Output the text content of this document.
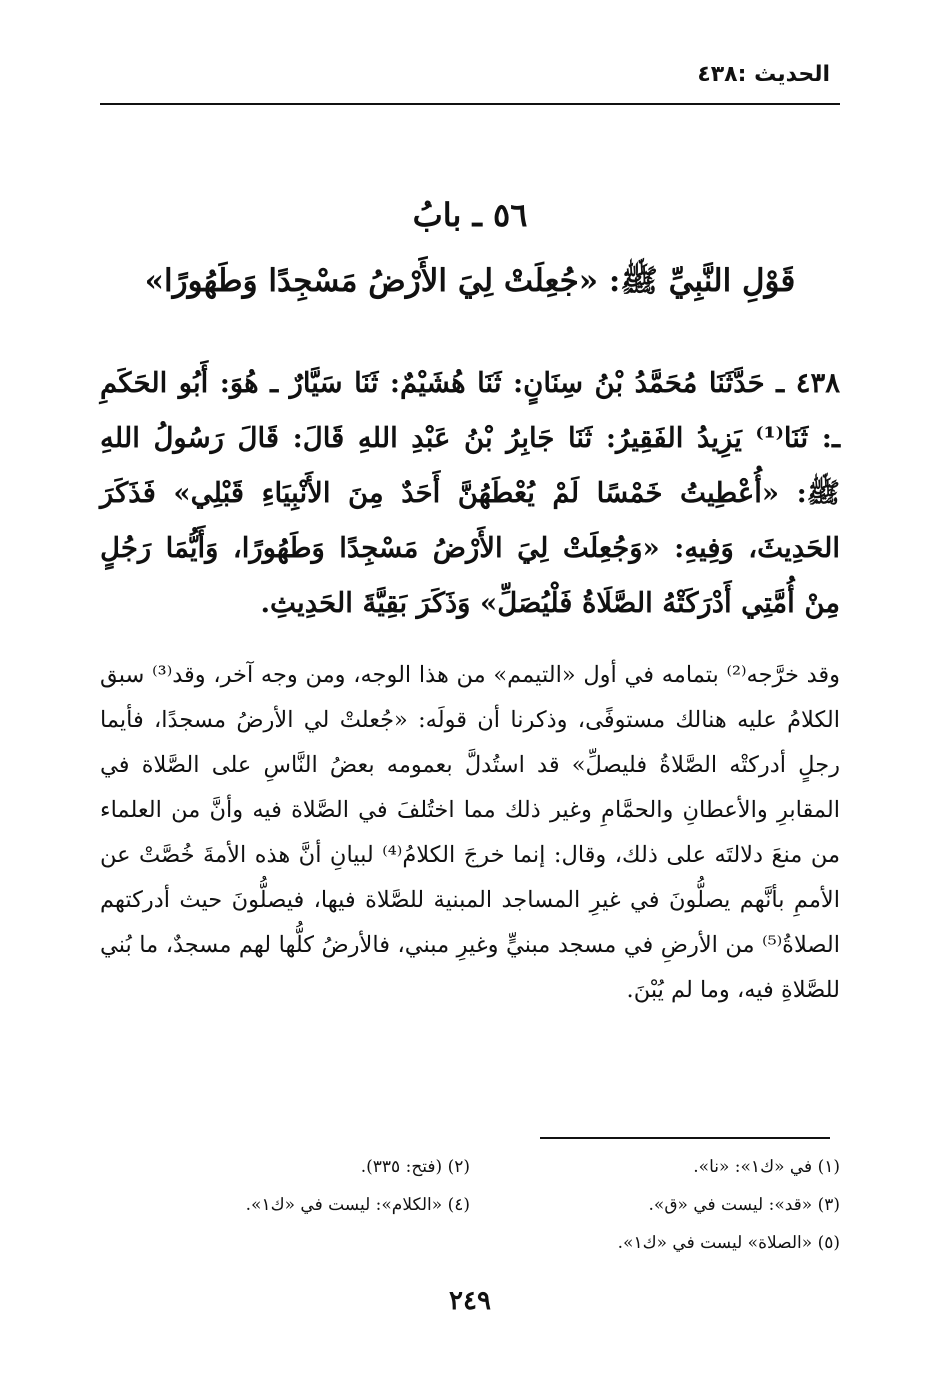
الحديث :٤٣٨
٥٦ ـ بابُ
قَوْلِ النَّبِيِّ ﷺ: «جُعِلَتْ لِيَ الأَرْضُ مَسْجِدًا وَطَهُورًا»

٤٣٨ ـ حَدَّثَنَا مُحَمَّدُ بْنُ سِنَانٍ: ثَنَا هُشَيْمٌ: ثَنَا سَيَّارٌ ـ هُوَ: أَبُو الحَكَمِ ـ: ثَنَا⁽¹⁾ يَزِيدُ الفَقِيرُ: ثَنَا جَابِرُ بْنُ عَبْدِ اللهِ قَالَ: قَالَ رَسُولُ اللهِ ﷺ: «أُعْطِيتُ خَمْسًا لَمْ يُعْطَهُنَّ أَحَدٌ مِنَ الأَنْبِيَاءِ قَبْلِي» فَذَكَرَ الحَدِيثَ، وَفِيهِ: «وَجُعِلَتْ لِيَ الأَرْضُ مَسْجِدًا وَطَهُورًا، وَأَيُّمَا رَجُلٍ مِنْ أُمَّتِي أَدْرَكَتْهُ الصَّلَاةُ فَلْيُصَلِّ» وَذَكَرَ بَقِيَّةَ الحَدِيثِ.

وقد خرَّجه⁽²⁾ بتمامه في أول «التيمم» من هذا الوجه، ومن وجه آخر، وقد⁽³⁾ سبق الكلامُ عليه هنالك مستوفًى، وذكرنا أن قولَه: «جُعلتْ لي الأرضُ مسجدًا، فأيما رجلٍ أدركتْه الصَّلاةُ فليصلِّ» قد استُدلَّ بعمومه بعضُ النَّاسِ على الصَّلاة في المقابرِ والأعطانِ والحمَّامِ وغير ذلك مما اختُلفَ في الصَّلاة فيه وأنَّ من العلماء من منعَ دلالتَه على ذلك، وقال: إنما خرجَ الكلامُ⁽⁴⁾ لبيانِ أنَّ هذه الأمةَ خُصَّتْ عن الأممِ بأنَّهم يصلُّونَ في غيرِ المساجد المبنية للصَّلاة فيها، فيصلُّونَ حيث أدركتهم الصلاةُ⁽⁵⁾ من الأرضِ في مسجد مبنيٍّ وغيرِ مبني، فالأرضُ كلُّها لهم مسجدٌ، ما بُني للصَّلاةِ فيه، وما لم يُبْنَ.

(١) في «ك١»: «نا».
(٢) (فتح: ٣٣٥).
(٣) «قد»: ليست في «ق».
(٤) «الكلام»: ليست في «ك١».
(٥) «الصلاة» ليست في «ك١».
٢٤٩
